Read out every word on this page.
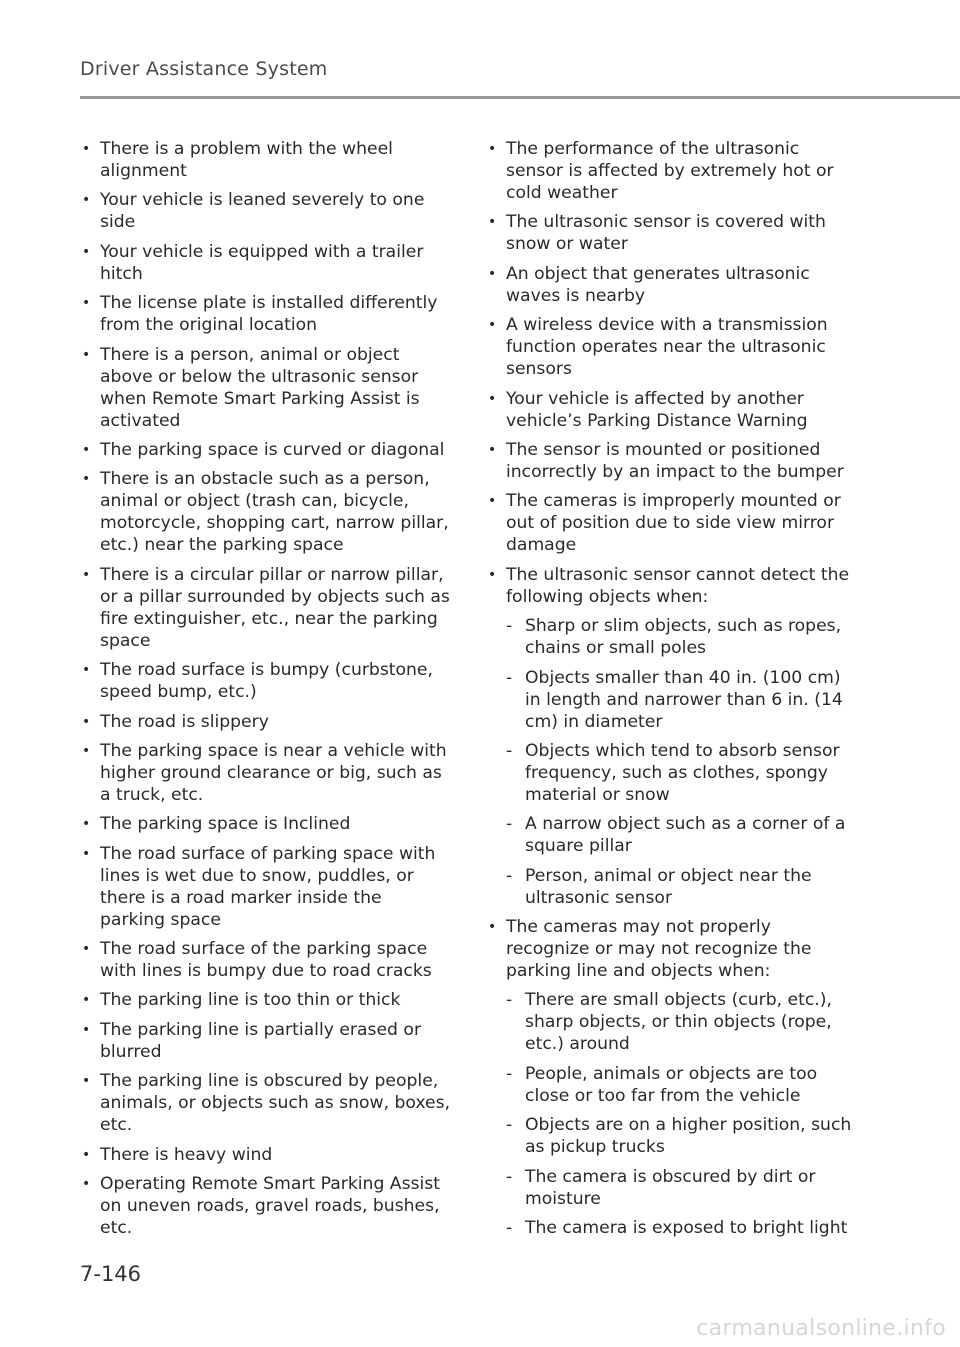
Driver Assistance System
• There is a problem with the wheel alignment
• Your vehicle is leaned severely to one side
• Your vehicle is equipped with a trailer hitch
• The license plate is installed differently from the original location
• There is a person, animal or object above or below the ultrasonic sensor when Remote Smart Parking Assist is activated
• The parking space is curved or diagonal
• There is an obstacle such as a person, animal or object (trash can, bicycle, motorcycle, shopping cart, narrow pillar, etc.) near the parking space
• There is a circular pillar or narrow pillar, or a pillar surrounded by objects such as fire extinguisher, etc., near the parking space
• The road surface is bumpy (curbstone, speed bump, etc.)
• The road is slippery
• The parking space is near a vehicle with higher ground clearance or big, such as a truck, etc.
• The parking space is Inclined
• The road surface of parking space with lines is wet due to snow, puddles, or there is a road marker inside the parking space
• The road surface of the parking space with lines is bumpy due to road cracks
• The parking line is too thin or thick
• The parking line is partially erased or blurred
• The parking line is obscured by people, animals, or objects such as snow, boxes, etc.
• There is heavy wind
• Operating Remote Smart Parking Assist on uneven roads, gravel roads, bushes, etc.
• The performance of the ultrasonic sensor is affected by extremely hot or cold weather
• The ultrasonic sensor is covered with snow or water
• An object that generates ultrasonic waves is nearby
• A wireless device with a transmission function operates near the ultrasonic sensors
• Your vehicle is affected by another vehicle’s Parking Distance Warning
• The sensor is mounted or positioned incorrectly by an impact to the bumper
• The cameras is improperly mounted or out of position due to side view mirror damage
• The ultrasonic sensor cannot detect the following objects when:
- Sharp or slim objects, such as ropes, chains or small poles
- Objects smaller than 40 in. (100 cm) in length and narrower than 6 in. (14 cm) in diameter
- Objects which tend to absorb sensor frequency, such as clothes, spongy material or snow
- A narrow object such as a corner of a square pillar
- Person, animal or object near the ultrasonic sensor
• The cameras may not properly recognize or may not recognize the parking line and objects when:
- There are small objects (curb, etc.), sharp objects, or thin objects (rope, etc.) around
- People, animals or objects are too close or too far from the vehicle
- Objects are on a higher position, such as pickup trucks
- The camera is obscured by dirt or moisture
- The camera is exposed to bright light
7-146
carmanualsonline.info
